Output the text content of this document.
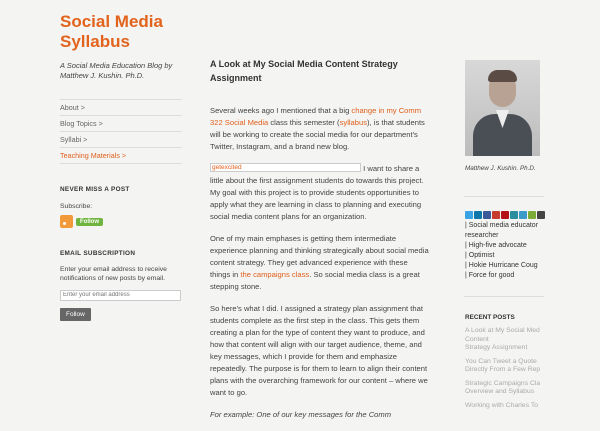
Social Media Syllabus
A Social Media Education Blog by Matthew J. Kushin. Ph.D.
About >
Blog Topics >
Syllabi >
Teaching Materials >
NEVER MISS A POST
Subscribe:
Follow
EMAIL SUBSCRIPTION
Enter your email address to receive notifications of new posts by email.
Enter your email address Follow
A Look at My Social Media Content Strategy Assignment

Several weeks ago I mentioned that a big change in my Comm 322 Social Media class this semester (syllabus), is that students will be working to create the social media for our department's Twitter, Instagram, and a brand new blog.

getexcited	I want to share a little about the first assignment students do towards this project. My goal with this project is to provide students opportunities to apply what they are learning in class to planning and executing social media content plans for an organization.

One of my main emphases is getting them intermediate experience planning and thinking strategically about social media content strategy. They get advanced experience with these things in the campaigns class. So social media class is a great stepping stone.

So here's what I did. I assigned a strategy plan assignment that students complete as the first step in the class. This gets them creating a plan for the type of content they want to produce, and how that content will align with our target audience, theme, and key messages, which I provide for them and emphasize repeatedly. The purpose is for them to learn to align their content plans with the overarching framework for our content – where we want to go.

For example: One of our key messages for the Comm

Matthew J. Kushin. Ph.D.
| Social media educator
researcher
| High-five advocate
| Optimist
| Hokie Hurricane Coug
| Force for good
RECENT POSTS
A Look at My Social Med
Content
Strategy Assignment
You Can Tweet a Quote
Directly From a Few Rep
Strategic Campaigns Cla
Overview and Syllabus
Working with Charles To
